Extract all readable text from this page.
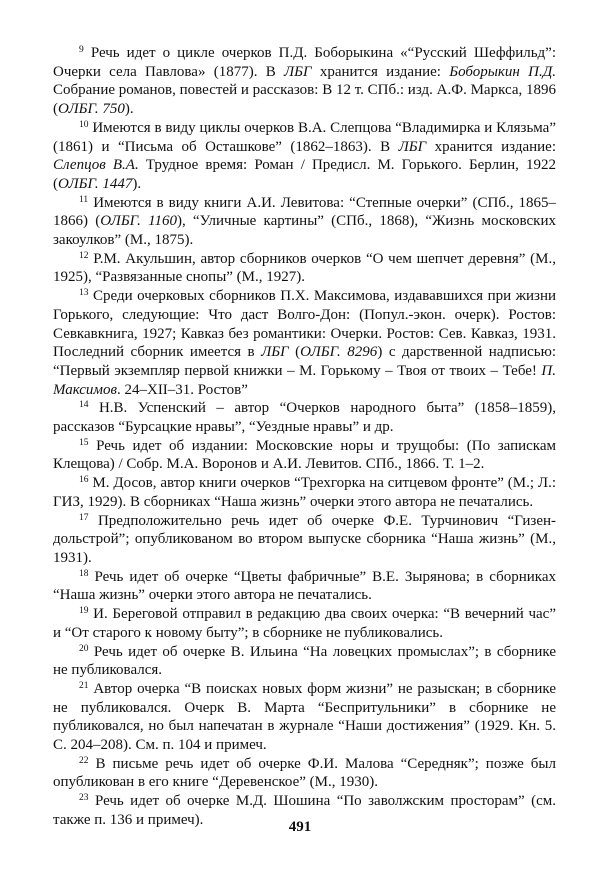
$^9$ Речь идет о цикле очерков П.Д. Боборыкина «“Русский Шеффильд”: Очерки села Павлова» (1877). В ЛБГ хранится издание: Боборыкин П.Д. Собрание романов, повестей и рассказов: В 12 т. СПб.: изд. А.Ф. Маркса, 1896 (ОЛБГ. 750).

$^{10}$ Имеются в виду циклы очерков В.А. Слепцова “Владимирка и Клязьма” (1861) и “Письма об Осташкове” (1862–1863). В ЛБГ хранится издание: Слепцов В.А. Трудное время: Роман / Предисл. М. Горького. Берлин, 1922 (ОЛБГ. 1447).

$^{11}$ Имеются в виду книги А.И. Левитова: “Степные очерки” (СПб., 1865–1866) (ОЛБГ. 1160), “Уличные картины” (СПб., 1868), “Жизнь московских закоулков” (М., 1875).

$^{12}$ Р.М. Акульшин, автор сборников очерков “О чем шепчет деревня” (М., 1925), “Развязанные снопы” (М., 1927).

$^{13}$ Среди очерковых сборников П.Х. Максимова, издававшихся при жизни Горького, следующие: Что даст Волго-Дон: (Попул.-экон. очерк). Ростов: Севкавкнига, 1927; Кавказ без романтики: Очерки. Ростов: Сев. Кавказ, 1931. Последний сборник имеется в ЛБГ (ОЛБГ. 8296) с дарственной надписью: “Первый экземпляр первой книжки – М. Горькому – Твоя от твоих – Тебе! П. Максимов. 24–XII–31. Ростов”

$^{14}$ Н.В. Успенский – автор “Очерков народного быта” (1858–1859), рассказов “Бурсацкие нравы”, “Уездные нравы” и др.

$^{15}$ Речь идет об издании: Московские норы и трущобы: (По запискам Клещова) / Собр. М.А. Воронов и А.И. Левитов. СПб., 1866. Т. 1–2.

$^{16}$ М. Досов, автор книги очерков “Трехгорка на ситцевом фронте” (М.; Л.: ГИЗ, 1929). В сборниках “Наша жизнь” очерки этого автора не печатались.

$^{17}$ Предположительно речь идет об очерке Ф.Е. Турчинович “Гизендольстрой”; опубликованом во втором выпуске сборника “Наша жизнь” (М., 1931).

$^{18}$ Речь идет об очерке “Цветы фабричные” В.Е. Зырянова; в сборниках “Наша жизнь” очерки этого автора не печатались.

$^{19}$ И. Береговой отправил в редакцию два своих очерка: “В вечерний час” и “От старого к новому быту”; в сборнике не публиковались.

$^{20}$ Речь идет об очерке В. Ильина “На ловецких промыслах”; в сборнике не публиковался.

$^{21}$ Автор очерка “В поисках новых форм жизни” не разыскан; в сборнике не публиковался. Очерк В. Марта “Беспритульники” в сборнике не публиковался, но был напечатан в журнале “Наши достижения” (1929. Кн. 5. С. 204–208). См. п. 104 и примеч.

$^{22}$ В письме речь идет об очерке Ф.И. Малова “Середняк”; позже был опубликован в его книге “Деревенское” (М., 1930).

$^{23}$ Речь идет об очерке М.Д. Шошина “По заволжским просторам” (см. также п. 136 и примеч).	491
